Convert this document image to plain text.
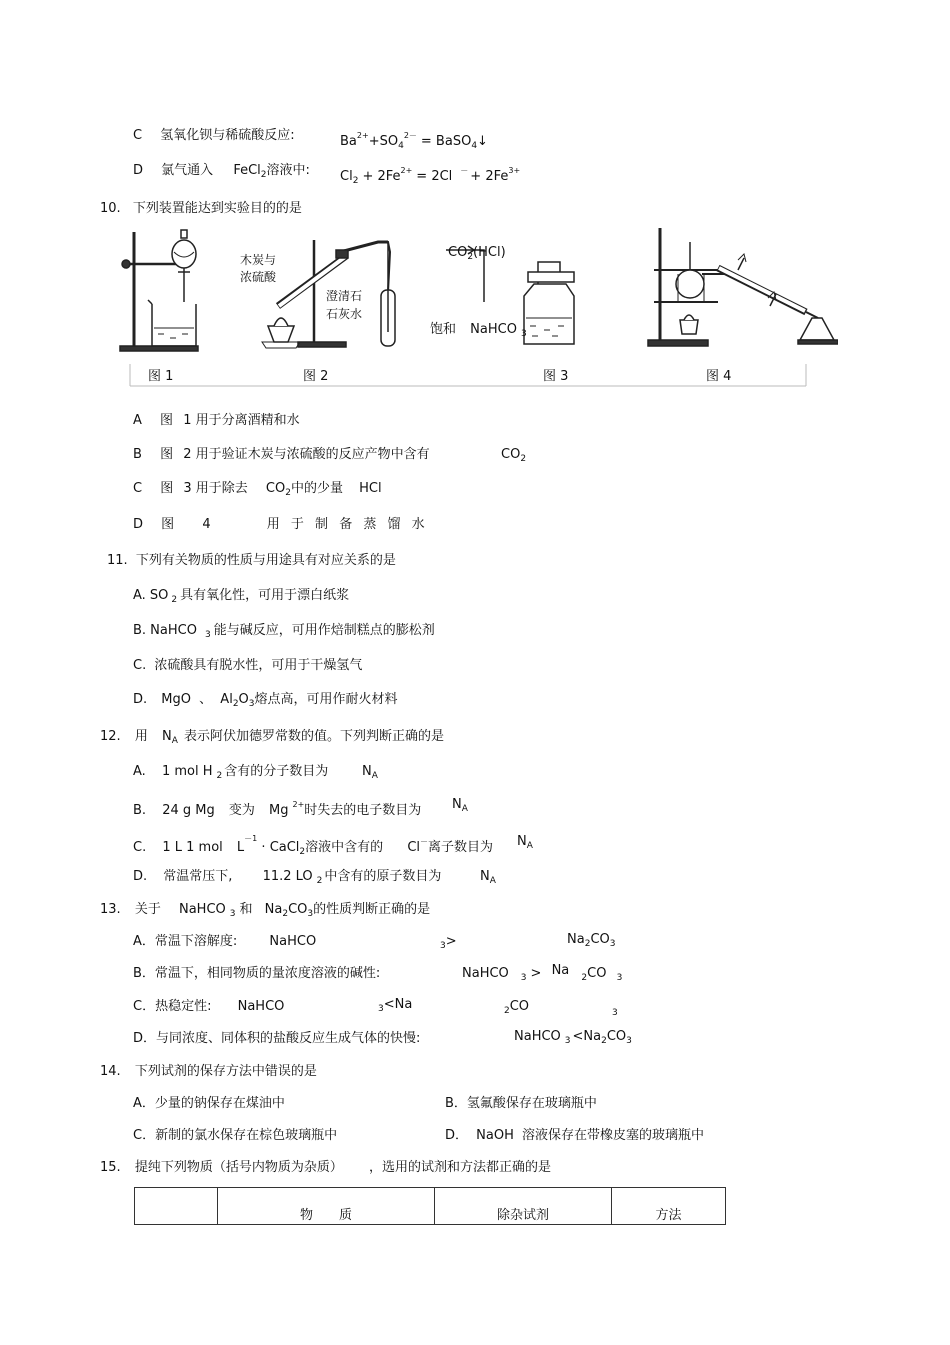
C 氢氧化钡与稀硫酸反应:	$Ba^{2+}+SO_4^{2-}$ = BaSO$_4$↓
D 氯气通入 FeCl$_2$溶液中: $Cl_2 + 2Fe^{2+} = 2Cl$ $^- + 2Fe^{3+}$
10. 下列装置能达到实验目的的是
木炭与
浓硫酸
澄清石
石灰水
$CO_2(HCl)$
饱和 NaHCO $_3$
图 1	图 2	图 3	图 4
A 图 1 用于分离酒精和水
B 图 2 用于验证木炭与浓硫酸的反应产物中含有	$CO_2$
C 图 3 用于除去 $CO_2$中的少量 HCl
D 图 4	用 于 制 备 蒸 馏 水
11. 下列有关物质的性质与用途具有对应关系的是
A. SO $_2$ 具有氧化性，可用于漂白纸浆
B. NaHCO $_3$ 能与碱反应，可用作焙制糕点的膨松剂
C. 浓硫酸具有脱水性，可用于干燥氢气
D. MgO 、 $Al_2O_3$熔点高，可用作耐火材料
12. 用 $N_A$ 表示阿伏加德罗常数的值。下列判断正确的是
A. 1 mol H $_2$ 含有的分子数目为	$N_A$
B. 24 g Mg 变为 Mg $^{2+}$时失去的电子数目为 $N_A$
C. 1 L 1 mol $L^{-1}$ · CaCl$_2$溶液中含有的 Cl－离子数目为 $N_A$
D. 常温常压下, 11.2 LO $_2$ 中含有的原子数目为	$N_A$
13. 关于 NaHCO $_3$ 和 $Na_2CO_3$的性质判断正确的是
A．常温下溶解度: NaHCO	$_3$>	$Na_2CO_3$
B．常温下，相同物质的量浓度溶液的碱性:	NaHCO $_3$ > Na $_2$CO $_3$
C．热稳定性: NaHCO	$_3$<Na	$_2$CO	$_3$
D．与同浓度、同体积的盐酸反应生成气体的快慢:	NaHCO $_3 <Na_2CO_3$
14. 下列试剂的保存方法中错误的是
A．少量的钠保存在煤油中	B．氢氟酸保存在玻璃瓶中
C．新制的氯水保存在棕色玻璃瓶中	D． NaOH 溶液保存在带橡皮塞的玻璃瓶中
15. 提纯下列物质（括号内物质为杂质） ，选用的试剂和方法都正确的是
	物　　质	除杂试剂	方法
